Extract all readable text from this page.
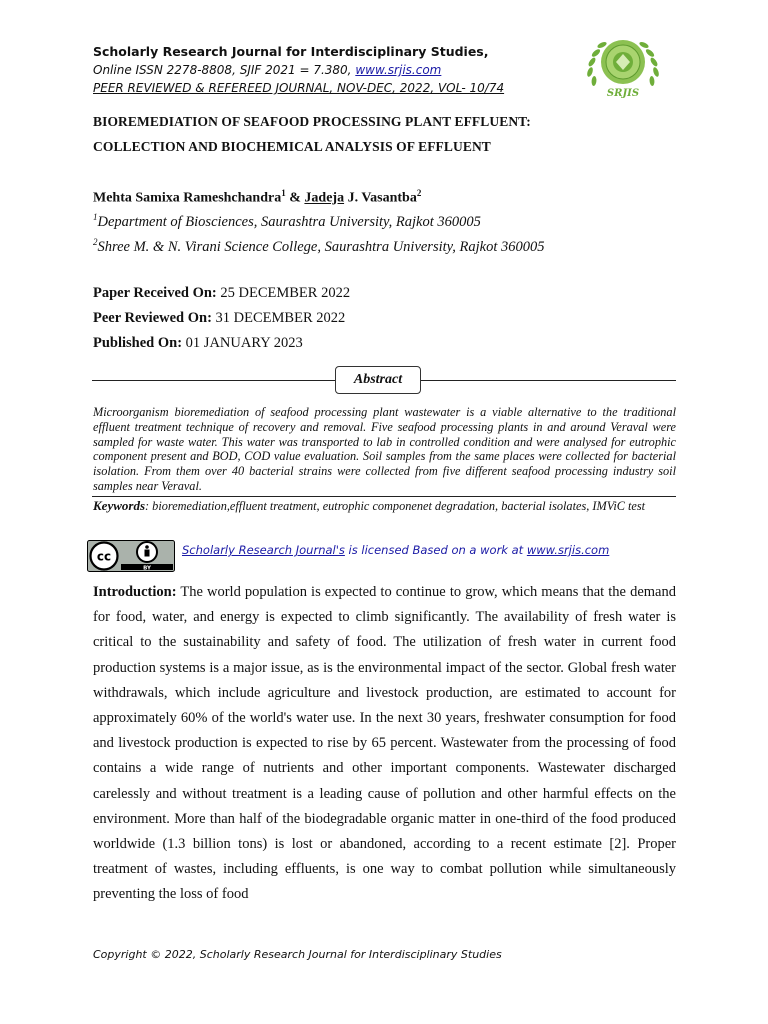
Scholarly Research Journal for Interdisciplinary Studies,
Online ISSN 2278-8808, SJIF 2021 = 7.380, www.srjis.com
PEER REVIEWED & REFEREED JOURNAL, NOV-DEC, 2022, VOL- 10/74	SRJIS
BIOREMEDIATION OF SEAFOOD PROCESSING PLANT EFFLUENT:
COLLECTION AND BIOCHEMICAL ANALYSIS OF EFFLUENT
Mehta Samixa Rameshchandra$^1$ & Jadeja J. Vasantba$^2$
$^1$Department of Biosciences, Saurashtra University, Rajkot 360005
$^2$Shree M. & N. Virani Science College, Saurashtra University, Rajkot 360005
Paper Received On: 25 DECEMBER 2022
Peer Reviewed On: 31 DECEMBER 2022
Published On: 01 JANUARY 2023
Abstract
Microorganism bioremediation of seafood processing plant wastewater is a viable alternative to the traditional effluent treatment technique of recovery and removal. Five seafood processing plants in and around Veraval were sampled for waste water. This water was transported to lab in controlled condition and were analysed for eutrophic component present and BOD, COD value evaluation. Soil samples from the same places were collected for bacterial isolation. From them over 40 bacterial strains were collected from five different seafood processing industry soil samples near Veraval.
Keywords: bioremediation,effluent treatment, eutrophic componenet degradation, bacterial isolates, IMViC test
cc
BY
Scholarly Research Journal's is licensed Based on a work at www.srjis.com
Introduction: The world population is expected to continue to grow, which means that the demand for food, water, and energy is expected to climb significantly. The availability of fresh water is critical to the sustainability and safety of food. The utilization of fresh water in current food production systems is a major issue, as is the environmental impact of the sector. Global fresh water withdrawals, which include agriculture and livestock production, are estimated to account for approximately 60% of the world's water use. In the next 30 years, freshwater consumption for food and livestock production is expected to rise by 65 percent. Wastewater from the processing of food contains a wide range of nutrients and other important components. Wastewater discharged carelessly and without treatment is a leading cause of pollution and other harmful effects on the environment. More than half of the biodegradable organic matter in one-third of the food produced worldwide (1.3 billion tons) is lost or abandoned, according to a recent estimate [2]. Proper treatment of wastes, including effluents, is one way to combat pollution while simultaneously preventing the loss of food
Copyright © 2022, Scholarly Research Journal for Interdisciplinary Studies
